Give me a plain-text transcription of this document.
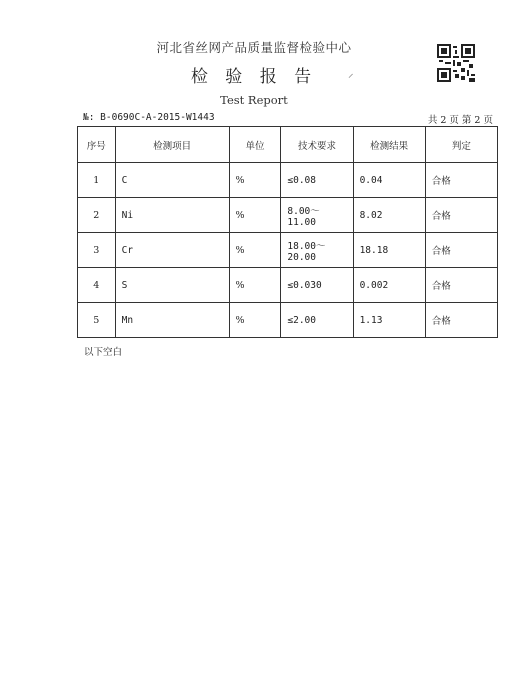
河北省丝网产品质量监督检验中心
检 验 报 告
Test Report
⸝
№: B-0690C-A-2015-W1443	共 2 页 第 2 页
序号	检测项目	单位	技术要求	检测结果	判定
1	C	%	≤0.08	0.04	合格
2	Ni	%	8.00～11.00	8.02	合格
3	Cr	%	18.00～20.00	18.18	合格
4	S	%	≤0.030	0.002	合格
5	Mn	%	≤2.00	1.13	合格
以下空白
